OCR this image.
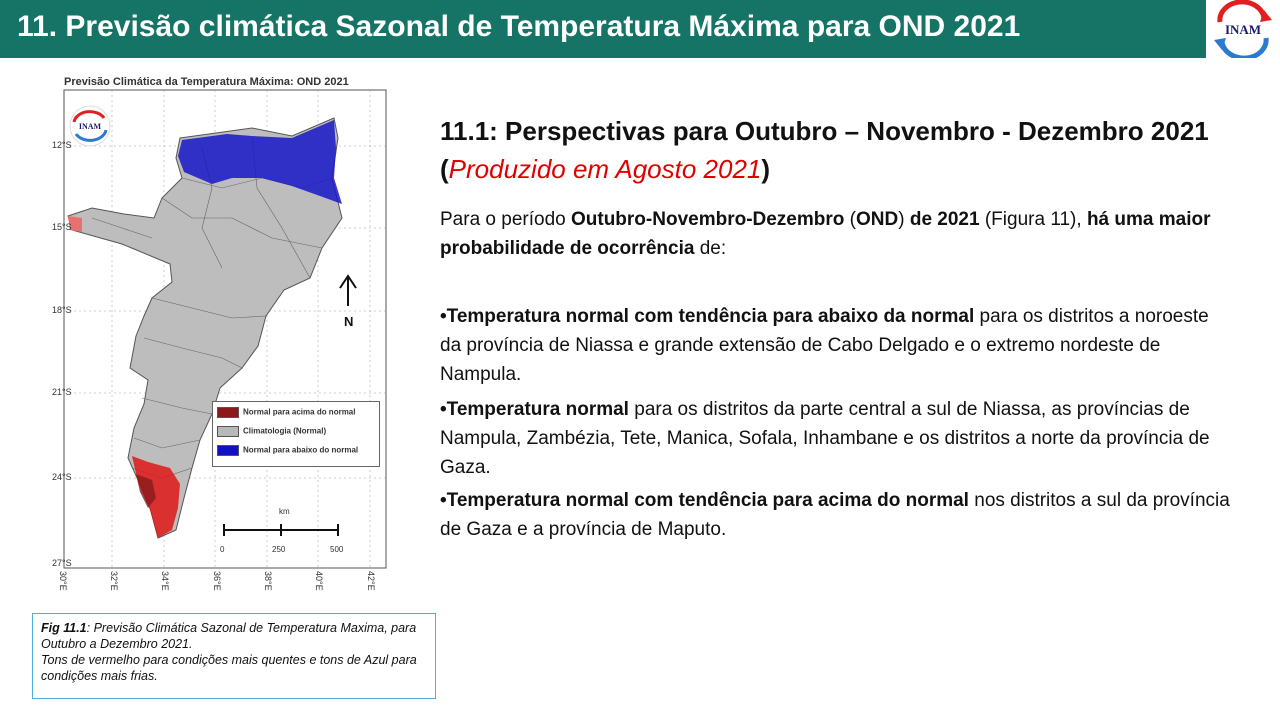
11. Previsão climática Sazonal de Temperatura Máxima para OND 2021	INAM
Previsão Climática da Temperatura Máxima: OND 2021
N
km
0	250	500
INAM
12°S
15°S
18°S
21°S
24°S
27°S
30°E	32°E	34°E	36°E	38°E	40°E	42°E
Normal para acima do normal
Climatologia (Normal)
Normal para abaixo do normal
Fig 11.1: Previsão Climática Sazonal de Temperatura Maxima, para Outubro a Dezembro 2021.
Tons de vermelho para condições mais quentes e tons de Azul para condições mais frias.
11.1: Perspectivas para Outubro – Novembro - Dezembro 2021 (Produzido em Agosto 2021)
Para o período Outubro-Novembro-Dezembro (OND) de 2021 (Figura 11), há uma maior probabilidade de ocorrência de:
•Temperatura normal com tendência para abaixo da normal para os distritos a noroeste da província de Niassa e grande extensão de Cabo Delgado e o extremo nordeste de Nampula.
•Temperatura normal para os distritos da parte central a sul de Niassa, as províncias de Nampula, Zambézia, Tete, Manica, Sofala, Inhambane e os distritos a norte da província de Gaza.
•Temperatura normal com tendência para acima do normal nos distritos a sul da província de Gaza e a província de Maputo.
